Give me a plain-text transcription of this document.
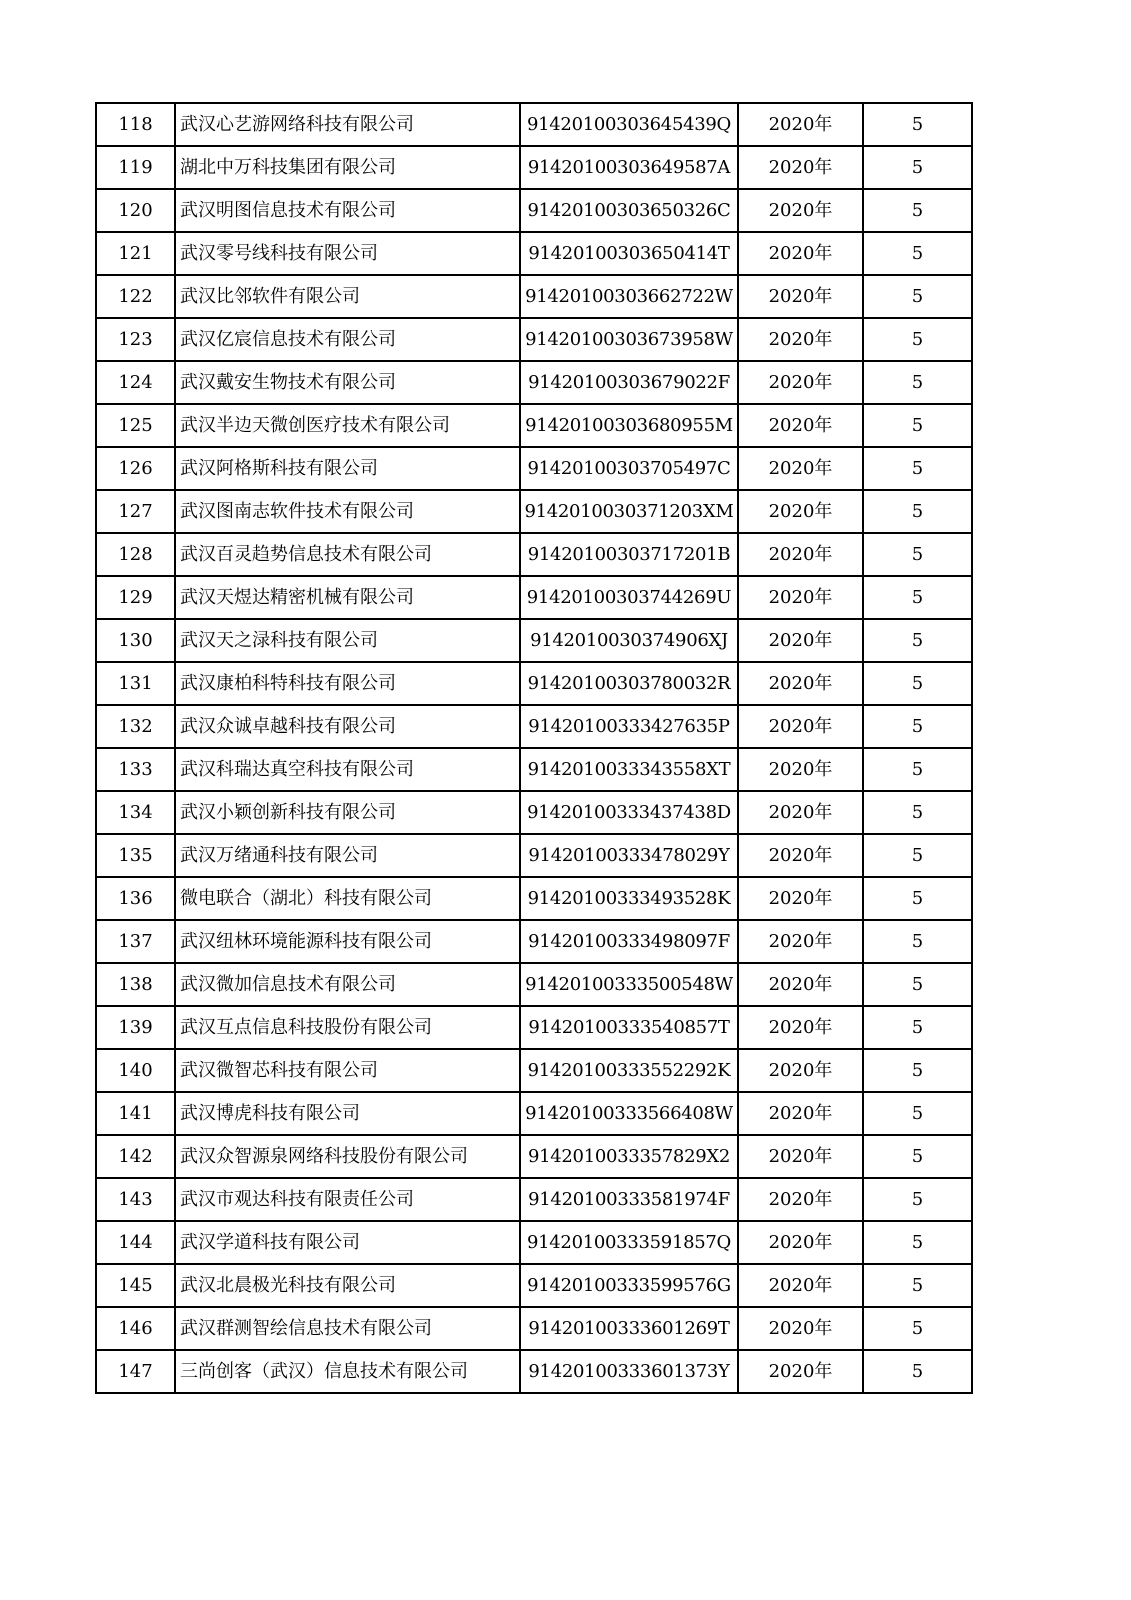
118	武汉心艺游网络科技有限公司	91420100303645439Q	2020年	5
119	湖北中万科技集团有限公司	91420100303649587A	2020年	5
120	武汉明图信息技术有限公司	91420100303650326C	2020年	5
121	武汉零号线科技有限公司	91420100303650414T	2020年	5
122	武汉比邻软件有限公司	91420100303662722W	2020年	5
123	武汉亿宸信息技术有限公司	91420100303673958W	2020年	5
124	武汉戴安生物技术有限公司	91420100303679022F	2020年	5
125	武汉半边天微创医疗技术有限公司	91420100303680955M	2020年	5
126	武汉阿格斯科技有限公司	91420100303705497C	2020年	5
127	武汉图南志软件技术有限公司	9142010030371203XM	2020年	5
128	武汉百灵趋势信息技术有限公司	91420100303717201B	2020年	5
129	武汉天煜达精密机械有限公司	91420100303744269U	2020年	5
130	武汉天之渌科技有限公司	9142010030374906XJ	2020年	5
131	武汉康柏科特科技有限公司	91420100303780032R	2020年	5
132	武汉众诚卓越科技有限公司	91420100333427635P	2020年	5
133	武汉科瑞达真空科技有限公司	9142010033343558XT	2020年	5
134	武汉小颖创新科技有限公司	91420100333437438D	2020年	5
135	武汉万绪通科技有限公司	91420100333478029Y	2020年	5
136	微电联合（湖北）科技有限公司	91420100333493528K	2020年	5
137	武汉纽林环境能源科技有限公司	91420100333498097F	2020年	5
138	武汉微加信息技术有限公司	91420100333500548W	2020年	5
139	武汉互点信息科技股份有限公司	91420100333540857T	2020年	5
140	武汉微智芯科技有限公司	91420100333552292K	2020年	5
141	武汉博虎科技有限公司	91420100333566408W	2020年	5
142	武汉众智源泉网络科技股份有限公司	9142010033357829X2	2020年	5
143	武汉市观达科技有限责任公司	91420100333581974F	2020年	5
144	武汉学道科技有限公司	91420100333591857Q	2020年	5
145	武汉北晨极光科技有限公司	91420100333599576G	2020年	5
146	武汉群测智绘信息技术有限公司	91420100333601269T	2020年	5
147	三尚创客（武汉）信息技术有限公司	91420100333601373Y	2020年	5
